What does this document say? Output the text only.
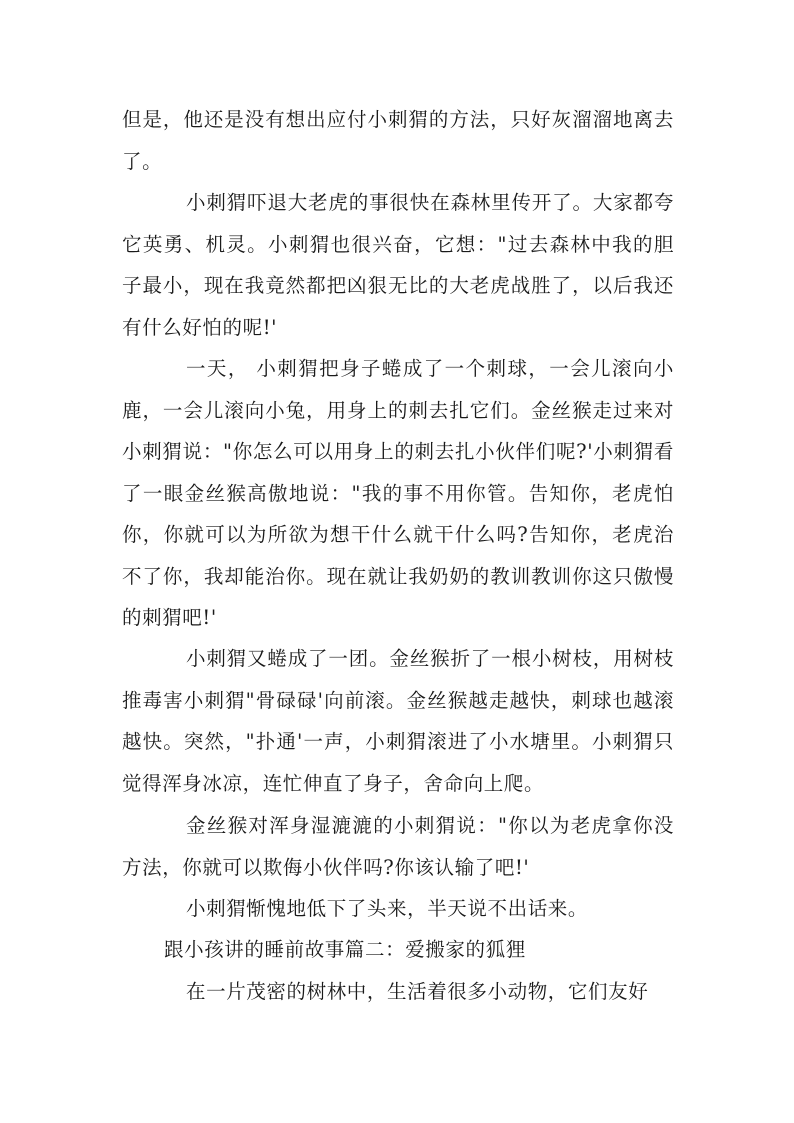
但是，他还是没有想出应付小刺猬的方法，只好灰溜溜地离去了。

小刺猬吓退大老虎的事很快在森林里传开了。大家都夸它英勇、机灵。小刺猬也很兴奋，它想："过去森林中我的胆子最小，现在我竟然都把凶狠无比的大老虎战胜了，以后我还有什么好怕的呢!'

一天， 小刺猬把身子蜷成了一个刺球，一会儿滚向小鹿，一会儿滚向小兔，用身上的刺去扎它们。金丝猴走过来对小刺猬说："你怎么可以用身上的刺去扎小伙伴们呢?'小刺猬看了一眼金丝猴高傲地说："我的事不用你管。告知你，老虎怕你，你就可以为所欲为想干什么就干什么吗?告知你，老虎治不了你，我却能治你。现在就让我奶奶的教训教训你这只傲慢的刺猬吧!'

小刺猬又蜷成了一团。金丝猴折了一根小树枝，用树枝推毒害小刺猬"骨碌碌'向前滚。金丝猴越走越快，刺球也越滚越快。突然，"扑通'一声，小刺猬滚进了小水塘里。小刺猬只觉得浑身冰凉，连忙伸直了身子，舍命向上爬。

金丝猴对浑身湿漉漉的小刺猬说："你以为老虎拿你没方法，你就可以欺侮小伙伴吗?你该认输了吧!'

小刺猬惭愧地低下了头来，半天说不出话来。

跟小孩讲的睡前故事篇二：爱搬家的狐狸

在一片茂密的树林中，生活着很多小动物，它们友好
